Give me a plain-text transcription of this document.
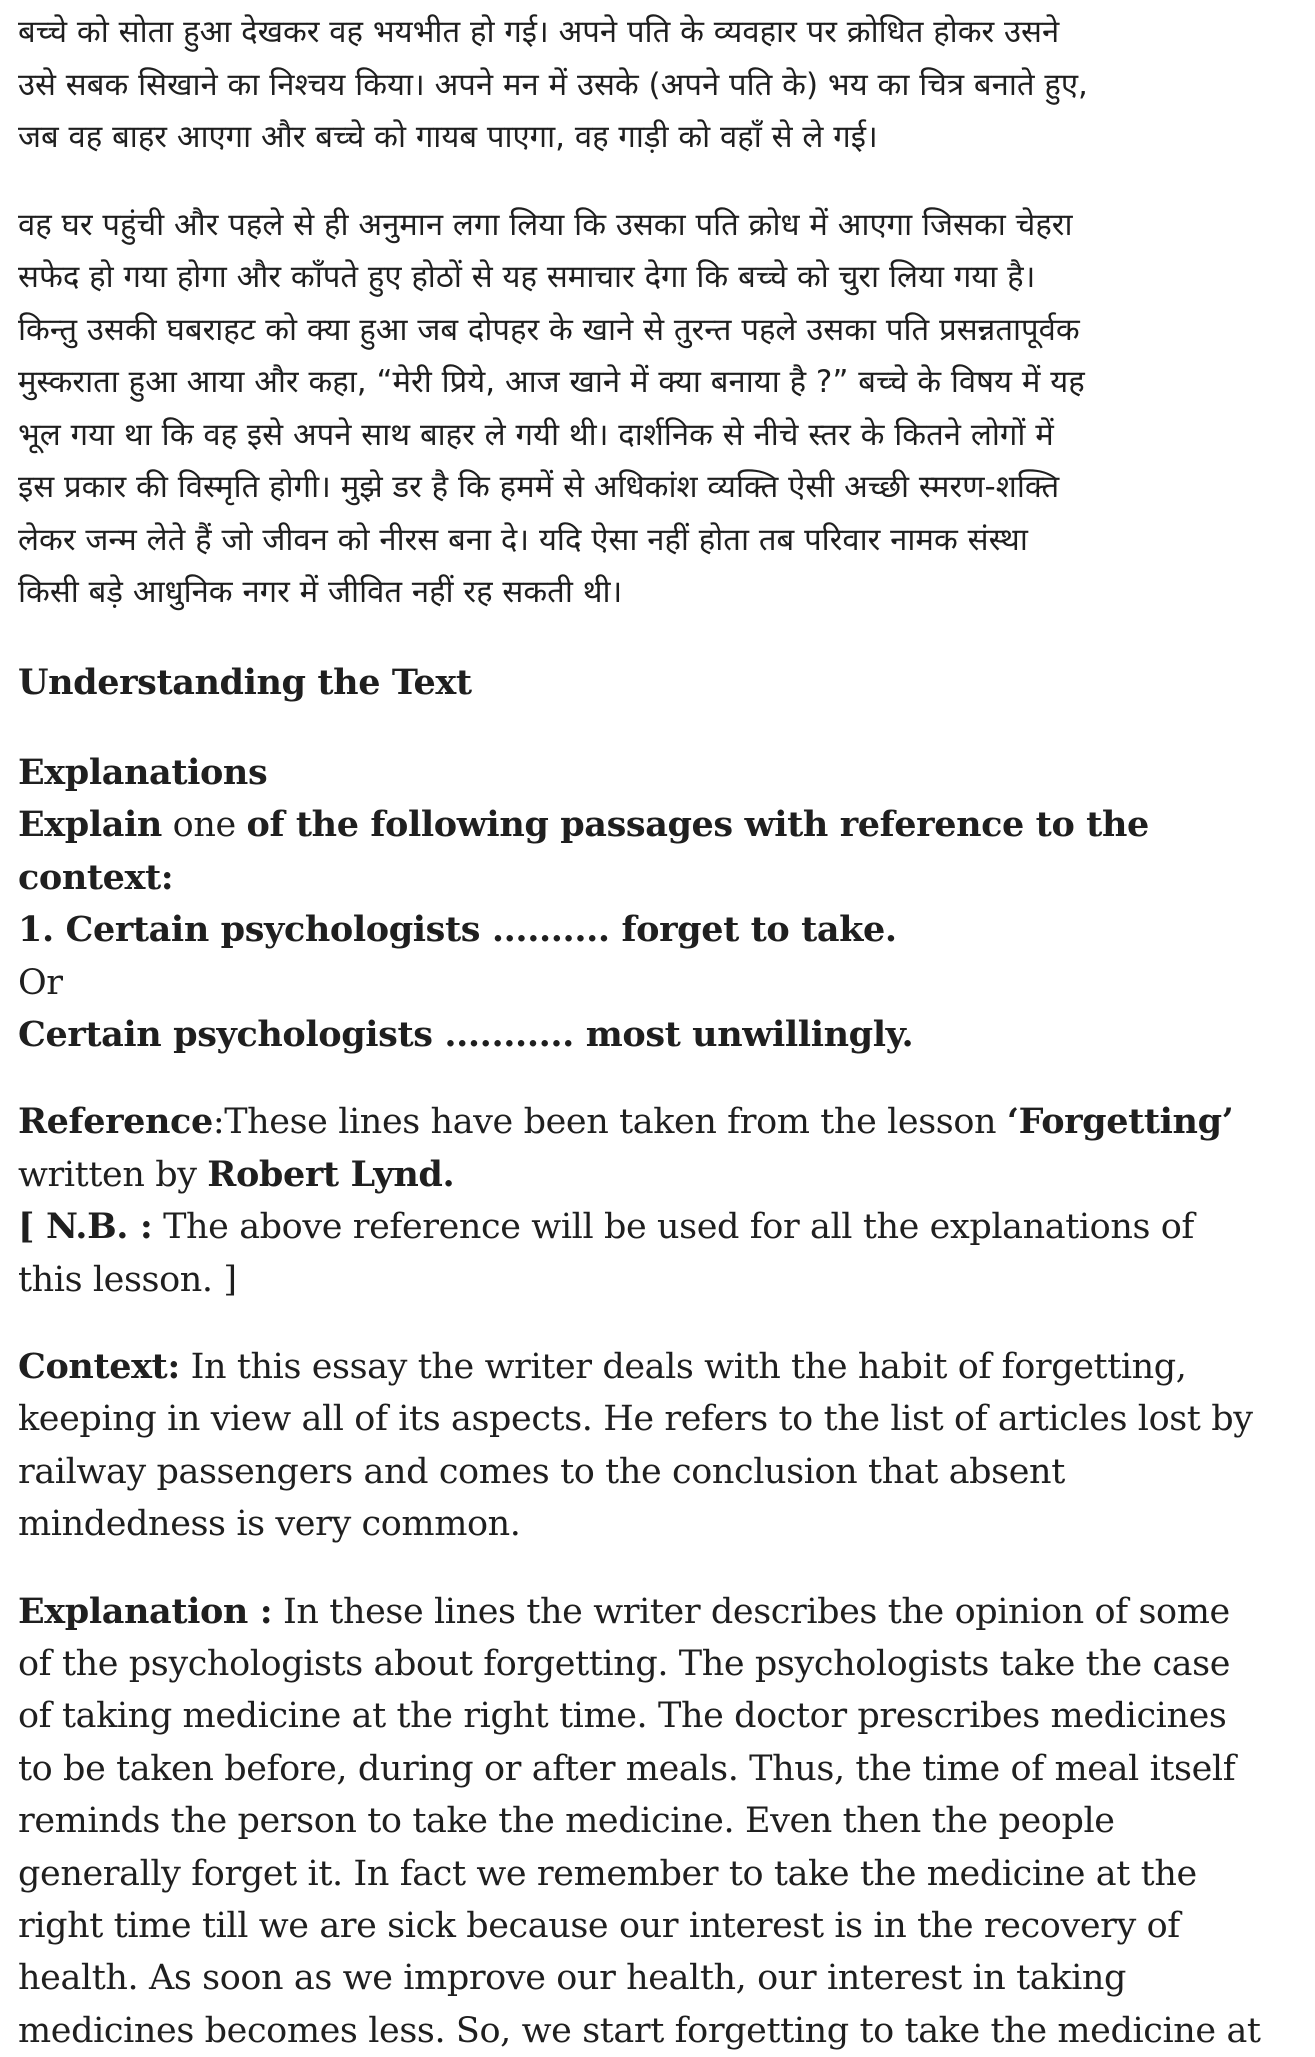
बच्चे को सोता हुआ देखकर वह भयभीत हो गई। अपने पति के व्यवहार पर क्रोधित होकर उसने
उसे सबक सिखाने का निश्चय किया। अपने मन में उसके (अपने पति के) भय का चित्र बनाते हुए,
जब वह बाहर आएगा और बच्चे को गायब पाएगा, वह गाड़ी को वहाँ से ले गई।
वह घर पहुंची और पहले से ही अनुमान लगा लिया कि उसका पति क्रोध में आएगा जिसका चेहरा
सफेद हो गया होगा और काँपते हुए होठों से यह समाचार देगा कि बच्चे को चुरा लिया गया है।
किन्तु उसकी घबराहट को क्या हुआ जब दोपहर के खाने से तुरन्त पहले उसका पति प्रसन्नतापूर्वक
मुस्कराता हुआ आया और कहा, “मेरी प्रिये, आज खाने में क्या बनाया है ?” बच्चे के विषय में यह
भूल गया था कि वह इसे अपने साथ बाहर ले गयी थी। दार्शनिक से नीचे स्तर के कितने लोगों में
इस प्रकार की विस्मृति होगी। मुझे डर है कि हममें से अधिकांश व्यक्ति ऐसी अच्छी स्मरण-शक्ति
लेकर जन्म लेते हैं जो जीवन को नीरस बना दे। यदि ऐसा नहीं होता तब परिवार नामक संस्था
किसी बड़े आधुनिक नगर में जीवित नहीं रह सकती थी।
Understanding the Text
Explanations
Explain one of the following passages with reference to the
context:
1. Certain psychologists .......... forget to take.
Or
Certain psychologists ........... most unwillingly.
Reference:These lines have been taken from the lesson ‘Forgetting’
written by Robert Lynd.
[ N.B. : The above reference will be used for all the explanations of
this lesson. ]
Context: In this essay the writer deals with the habit of forgetting,
keeping in view all of its aspects. He refers to the list of articles lost by
railway passengers and comes to the conclusion that absent
mindedness is very common.
Explanation : In these lines the writer describes the opinion of some
of the psychologists about forgetting. The psychologists take the case
of taking medicine at the right time. The doctor prescribes medicines
to be taken before, during or after meals. Thus, the time of meal itself
reminds the person to take the medicine. Even then the people
generally forget it. In fact we remember to take the medicine at the
right time till we are sick because our interest is in the recovery of
health. As soon as we improve our health, our interest in taking
medicines becomes less. So, we start forgetting to take the medicine at
